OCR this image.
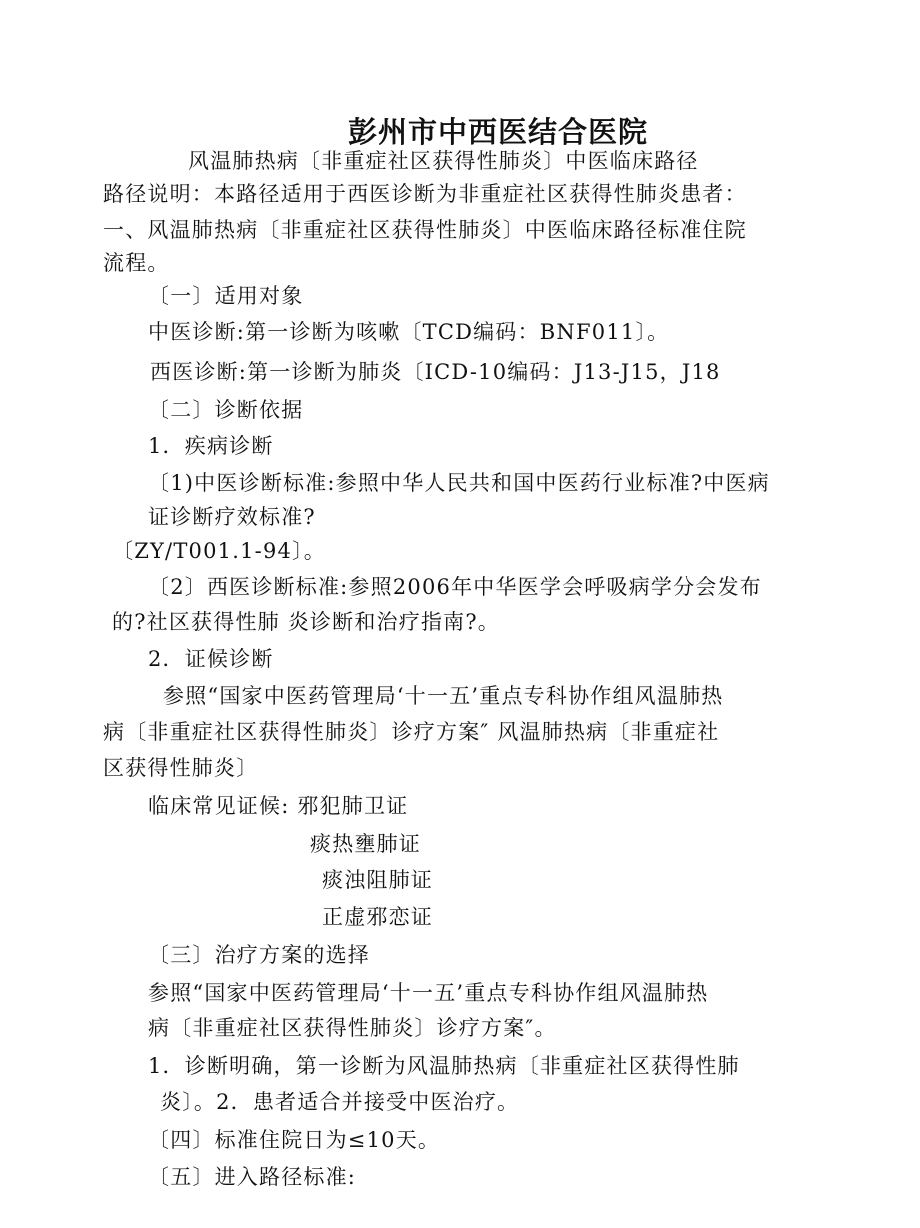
彭州市中西医结合医院
风温肺热病〔非重症社区获得性肺炎〕中医临床路径
路径说明：本路径适用于西医诊断为非重症社区获得性肺炎患者：
一、风温肺热病〔非重症社区获得性肺炎〕中医临床路径标准住院
流程。
〔一〕适用对象
中医诊断:第一诊断为咳嗽〔TCD编码：BNF011〕。
西医诊断:第一诊断为肺炎〔ICD-10编码：J13-J15，J18
〔二〕诊断依据
1．疾病诊断
〔1)中医诊断标准:参照中华人民共和国中医药行业标准?中医病
证诊断疗效标准?
〔ZY/T001.1-94〕。
〔2〕西医诊断标准:参照2006年中华医学会呼吸病学分会发布
的?社区获得性肺 炎诊断和治疗指南?。
2．证候诊断
参照“国家中医药管理局‘十一五’重点专科协作组风温肺热
病〔非重症社区获得性肺炎〕诊疗方案″ 风温肺热病〔非重症社
区获得性肺炎〕
临床常见证候: 邪犯肺卫证
痰热壅肺证
痰浊阻肺证
正虚邪恋证
〔三〕治疗方案的选择
参照“国家中医药管理局‘十一五’重点专科协作组风温肺热
病〔非重症社区获得性肺炎〕诊疗方案″。
1．诊断明确，第一诊断为风温肺热病〔非重症社区获得性肺
炎〕。2．患者适合并接受中医治疗。
〔四〕标准住院日为≤10天。
〔五〕进入路径标准:
